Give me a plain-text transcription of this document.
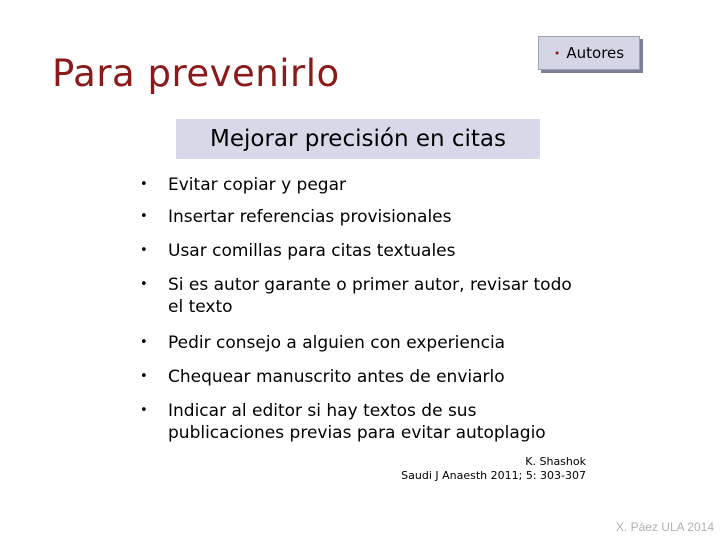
Para prevenirlo	• Autores
Mejorar precisión en citas
•	Evitar copiar y pegar
•	Insertar referencias provisionales
•	Usar comillas para citas textuales
•	Si es autor garante o primer autor, revisar todo el texto
•	Pedir consejo a alguien con experiencia
•	Chequear manuscrito antes de enviarlo
•	Indicar al editor si hay textos de sus publicaciones previas para evitar autoplagio
K. Shashok
Saudi J Anaesth 2011; 5: 303-307
X. Páez ULA 2014
